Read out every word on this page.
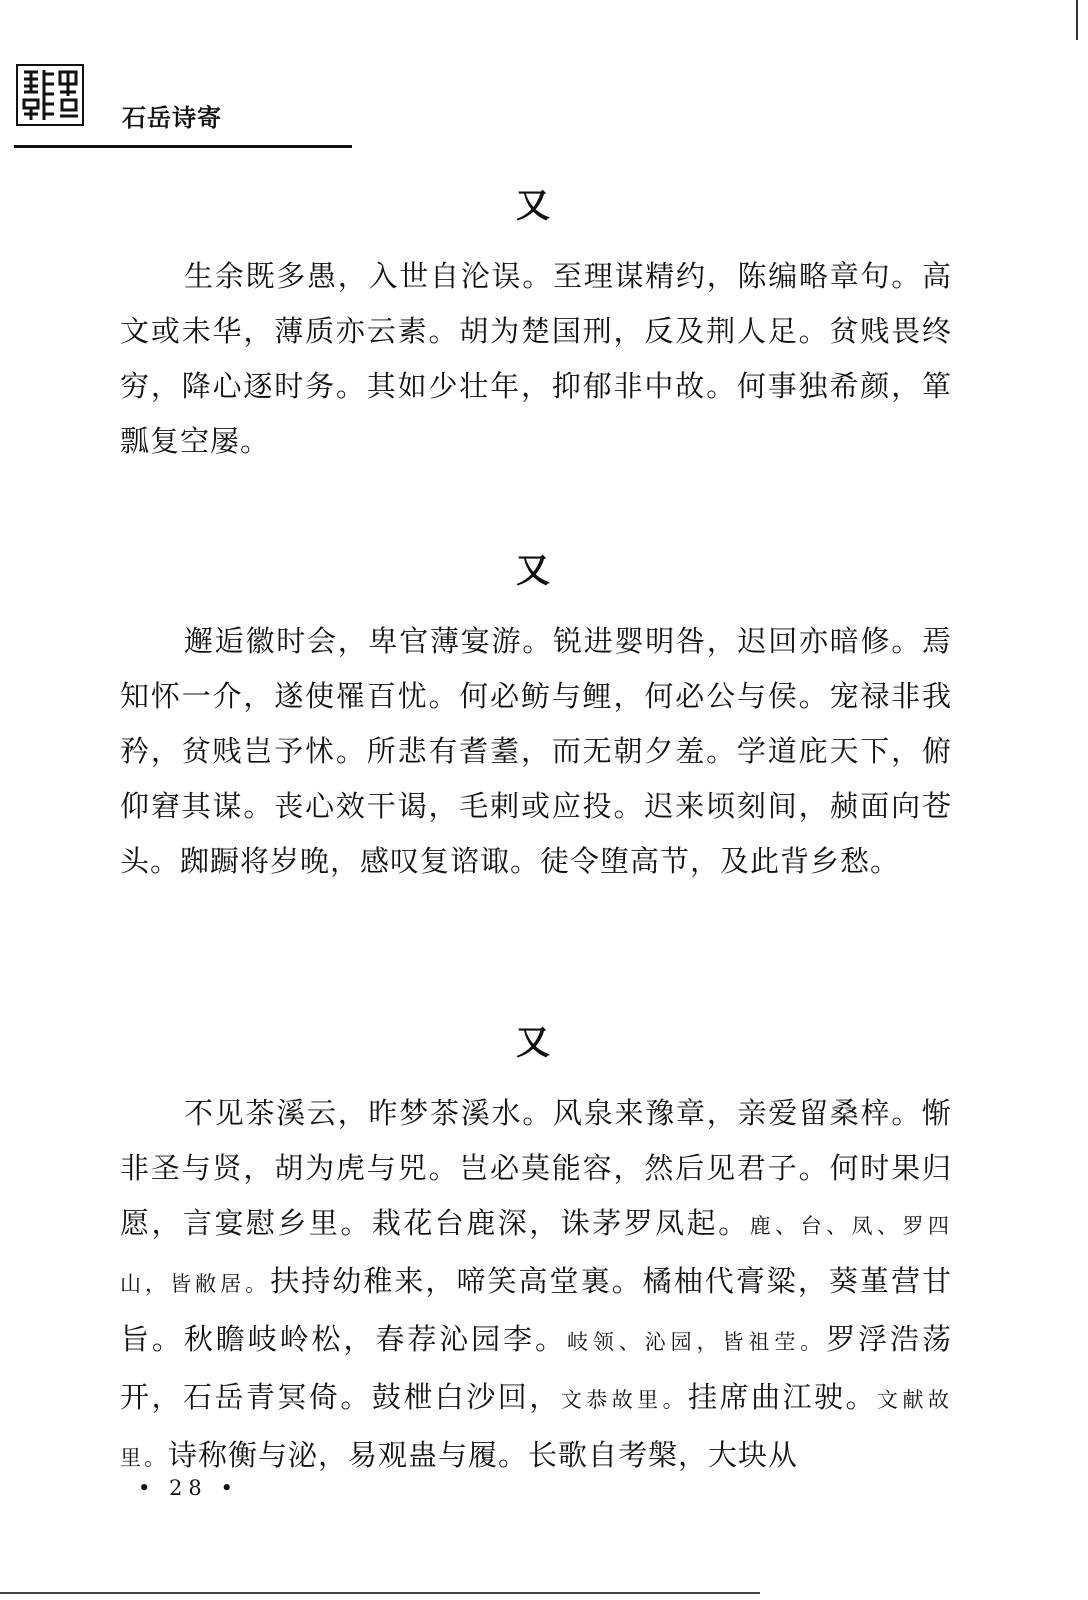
石岳诗寄
又

生余既多愚，入世自沦误。至理谋精约，陈编略章句。高文或未华，薄质亦云素。胡为楚国刑，反及荆人足。贫贱畏终穷，降心逐时务。其如少壮年，抑郁非中故。何事独希颜，箪瓢复空屡。

又

邂逅徽时会，卑官薄宴游。锐进婴明咎，迟回亦暗修。焉知怀一介，遂使罹百忧。何必鲂与鲤，何必公与侯。宠禄非我矜，贫贱岂予怵。所悲有耆耋，而无朝夕羞。学道庇天下，俯仰窘其谋。丧心效干谒，毛剌或应投。迟来顷刻间，赪面向苍头。踟蹰将岁晚，感叹复谘诹。徒令堕高节，及此背乡愁。

又

不见茶溪云，昨梦茶溪水。风泉来豫章，亲爱留桑梓。惭非圣与贤，胡为虎与兕。岂必莫能容，然后见君子。何时果归愿，言宴慰乡里。栽花台鹿深，诛茅罗凤起。鹿、台、凤、罗四山，皆敝居。扶持幼稚来，啼笑高堂裏。橘柚代膏粱，葵堇营甘旨。秋瞻岐岭松，春荐沁园李。岐领、沁园，皆祖茔。罗浮浩荡开，石岳青冥倚。鼓枻白沙回，文恭故里。挂席曲江驶。文献故里。诗称衡与泌，易观蛊与履。长歌自考槃，大块从

• 28 •
